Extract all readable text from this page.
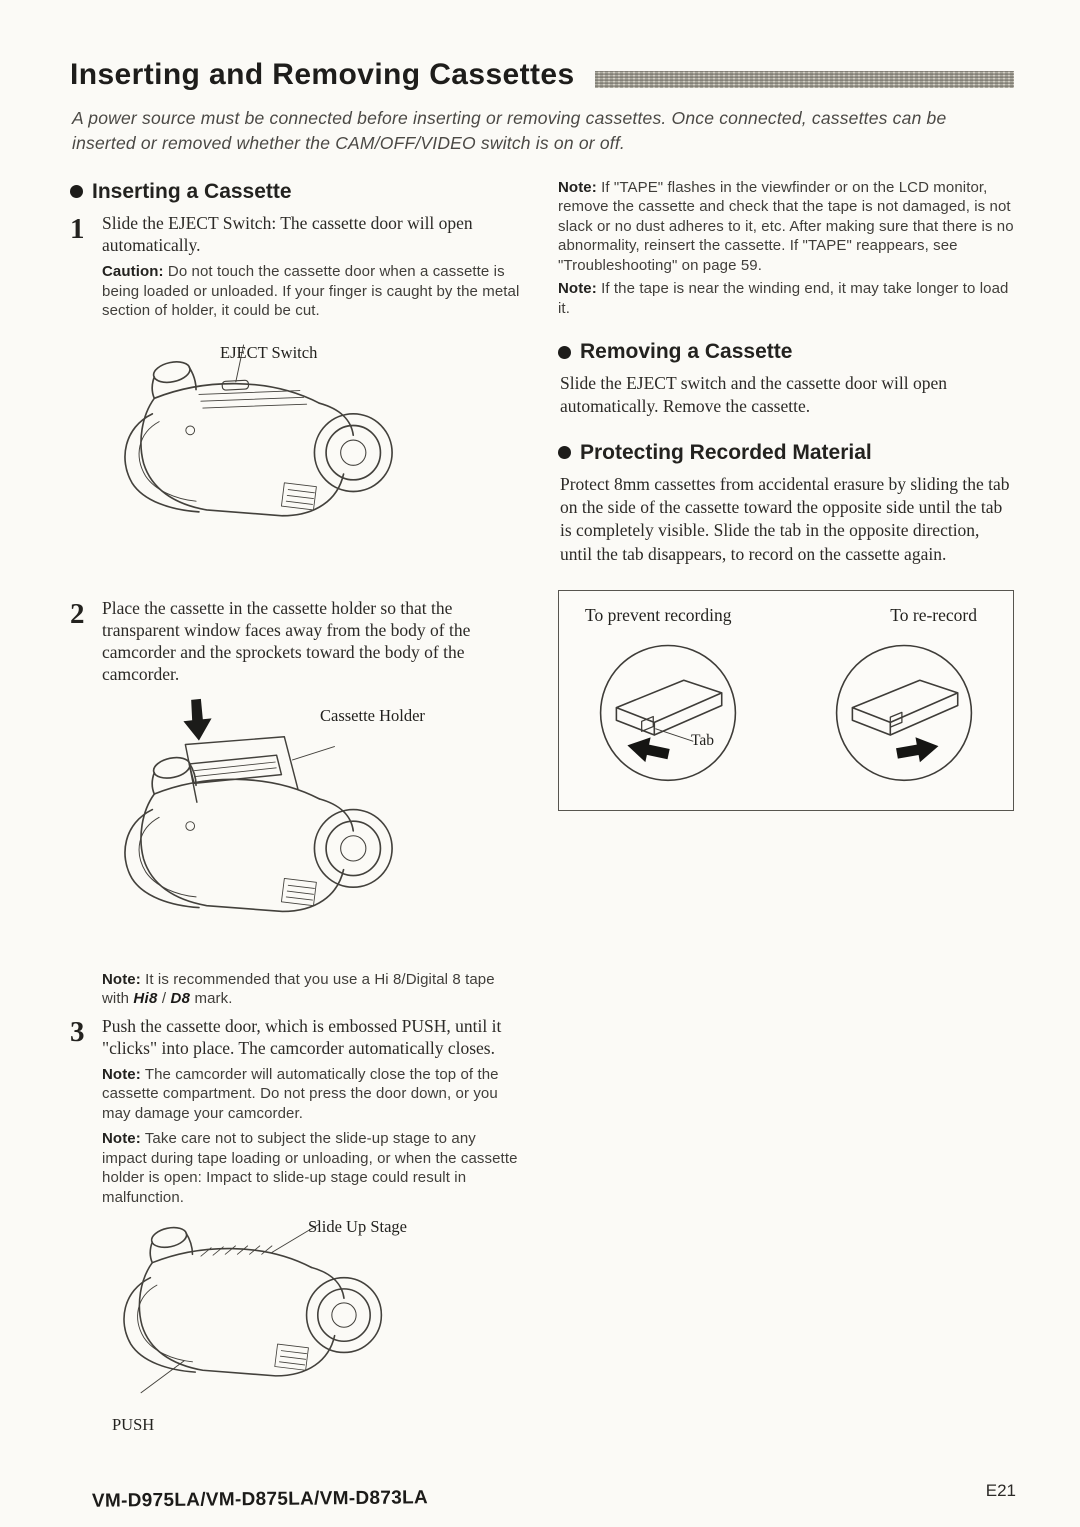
Inserting and Removing Cassettes

A power source must be connected before inserting or removing cassettes. Once connected, cassettes can be inserted or removed whether the CAM/OFF/VIDEO switch is on or off.

Inserting a Cassette
1	Slide the EJECT Switch: The cassette door will open automatically.

Caution: Do not touch the cassette door when a cassette is being loaded or unloaded. If your finger is caught by the metal section of holder, it could be cut.

EJECT Switch
2	Place the cassette in the cassette holder so that the transparent window faces away from the body of the camcorder and the sprockets toward the body of the camcorder.

Cassette Holder

Note: It is recommended that you use a Hi 8/Digital 8 tape with Hi8 / D8 mark.

3	Push the cassette door, which is embossed PUSH, until it "clicks" into place. The camcorder automatically closes.

Note: The camcorder will automatically close the top of the cassette compartment. Do not press the door down, or you may damage your camcorder.

Note: Take care not to subject the slide-up stage to any impact during tape loading or unloading, or when the cassette holder is open: Impact to slide-up stage could result in malfunction.

Slide Up Stage
PUSH

Note: If "TAPE" flashes in the viewfinder or on the LCD monitor, remove the cassette and check that the tape is not damaged, is not slack or no dust adheres to it, etc. After making sure that there is no abnormality, reinsert the cassette. If "TAPE" reappears, see "Troubleshooting" on page 59.

Note: If the tape is near the winding end, it may take longer to load it.

Removing a Cassette

Slide the EJECT switch and the cassette door will open automatically. Remove the cassette.

Protecting Recorded Material

Protect 8mm cassettes from accidental erasure by sliding the tab on the side of the cassette toward the opposite side until the tab is completely visible. Slide the tab in the opposite direction, until the tab disappears, to record on the cassette again.

To prevent recording	To re-record
Tab
VM-D975LA/VM-D875LA/VM-D873LA	E21
